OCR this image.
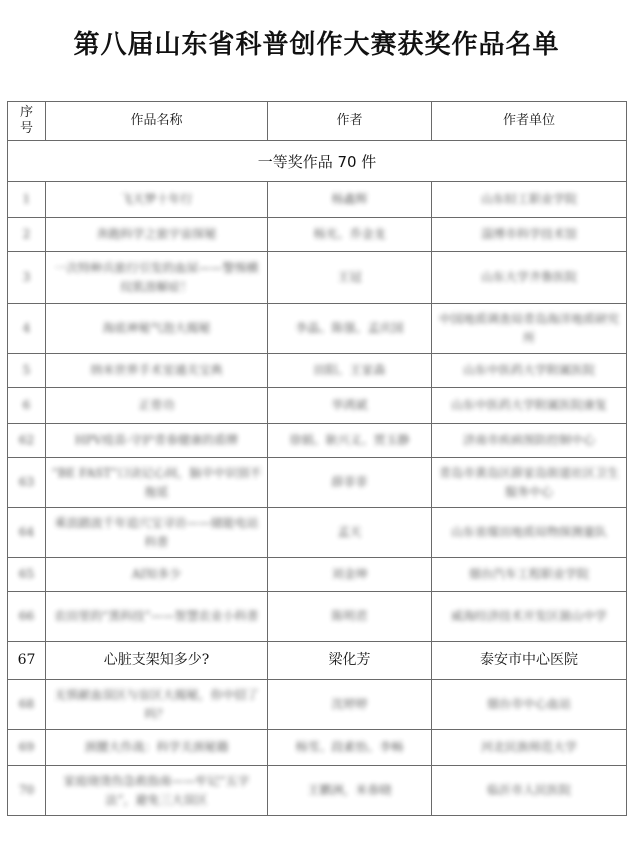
第八届山东省科普创作大赛获奖作品名单
序号	作品名称	作者	作者单位
一等奖作品 70 件			
1	飞天梦十年行	杨鑫辉	山东轻工职业学院
2	奔跑科学之旅宇宙探秘	杨光、乔金龙	淄博市科学技术馆
3	一次特种兵旅行引发的血尿——警惕横纹肌溶解症！	王冠	山东大学齐鲁医院
4	海底神秘气泡大揭秘	李晶、陈强、孟庆国	中国地质调查局青岛海洋地质研究所
5	纳米世界手术室通关宝典	田阳、王家森	山东中医药大学附属医院
6	正骨功	华鸿斌	山东中医药大学附属医院康复
62	HPV疫苗-守护青春健康的盾牌	徐娟、耿兴义、贾玉静	济南市疾病预防控制中心
63	“BE FAST”口诀记心间，脑卒中识别不拖延	薛菲菲	青岛市黄岛区薛家岛街道社区卫生服务中心
64	乘浪踏波千年追穴宝寻访——储能电站科普	孟天	山东省煤田地质局物探测量队
65	AI知多少	刘金坤	烟台汽车工程职业学院
66	农田里的“黑科技”——智慧农业小科普	陈明君	威海经济技术开发区崮山中学
67	心脏支架知多少?	梁化芳	泰安市中心医院
68	无惧献血误区与盲区大揭秘，你中招了吗？	沈婷婷	烟台市中心血站
69	颈腰大作战：科学关颈秘籍	杨雪、段素怡、李畅	河北民族师范大学
70	家庭烧烫伤急救指南——牢记“五字法”，避免三大误区	王鹏洲，米春晓	临沂市人民医院
